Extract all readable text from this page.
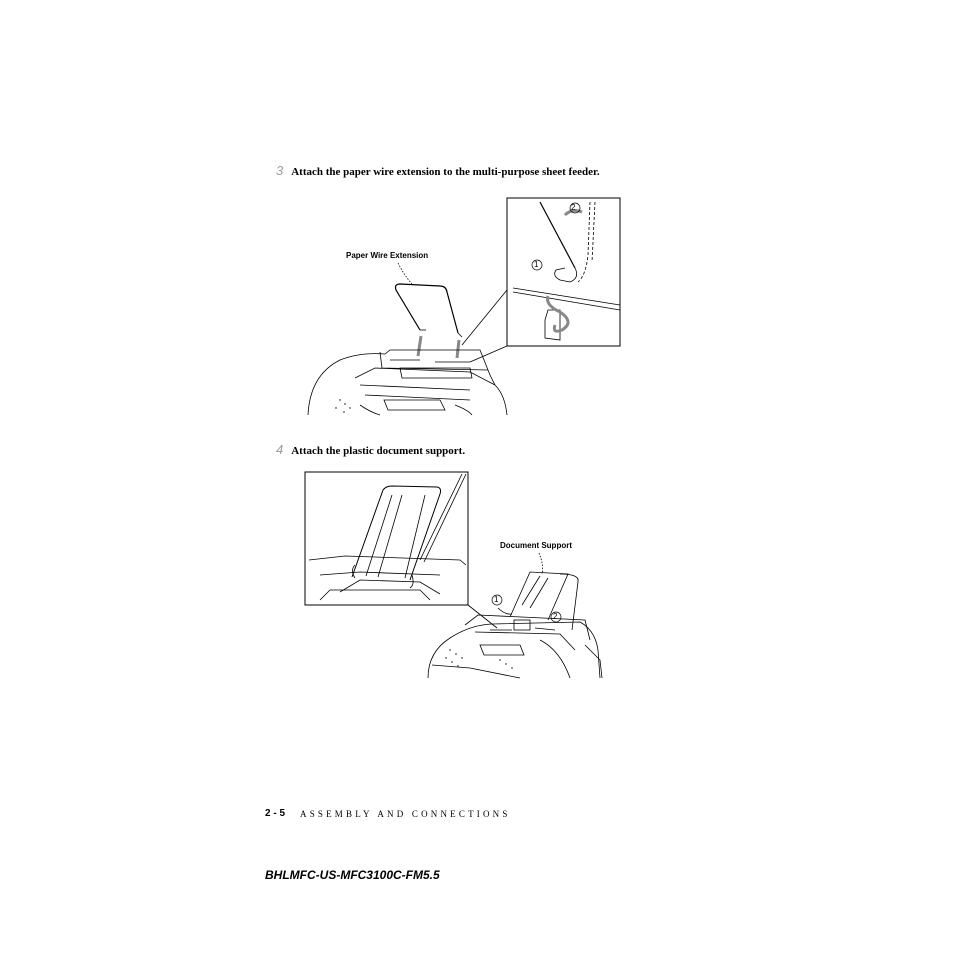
3 Attach the paper wire extension to the multi-purpose sheet feeder.
2
1
Paper Wire Extension
4 Attach the plastic document support.
1
2
Document Support
2 - 5 ASSEMBLY AND CONNECTIONS
BHLMFC-US-MFC3100C-FM5.5
